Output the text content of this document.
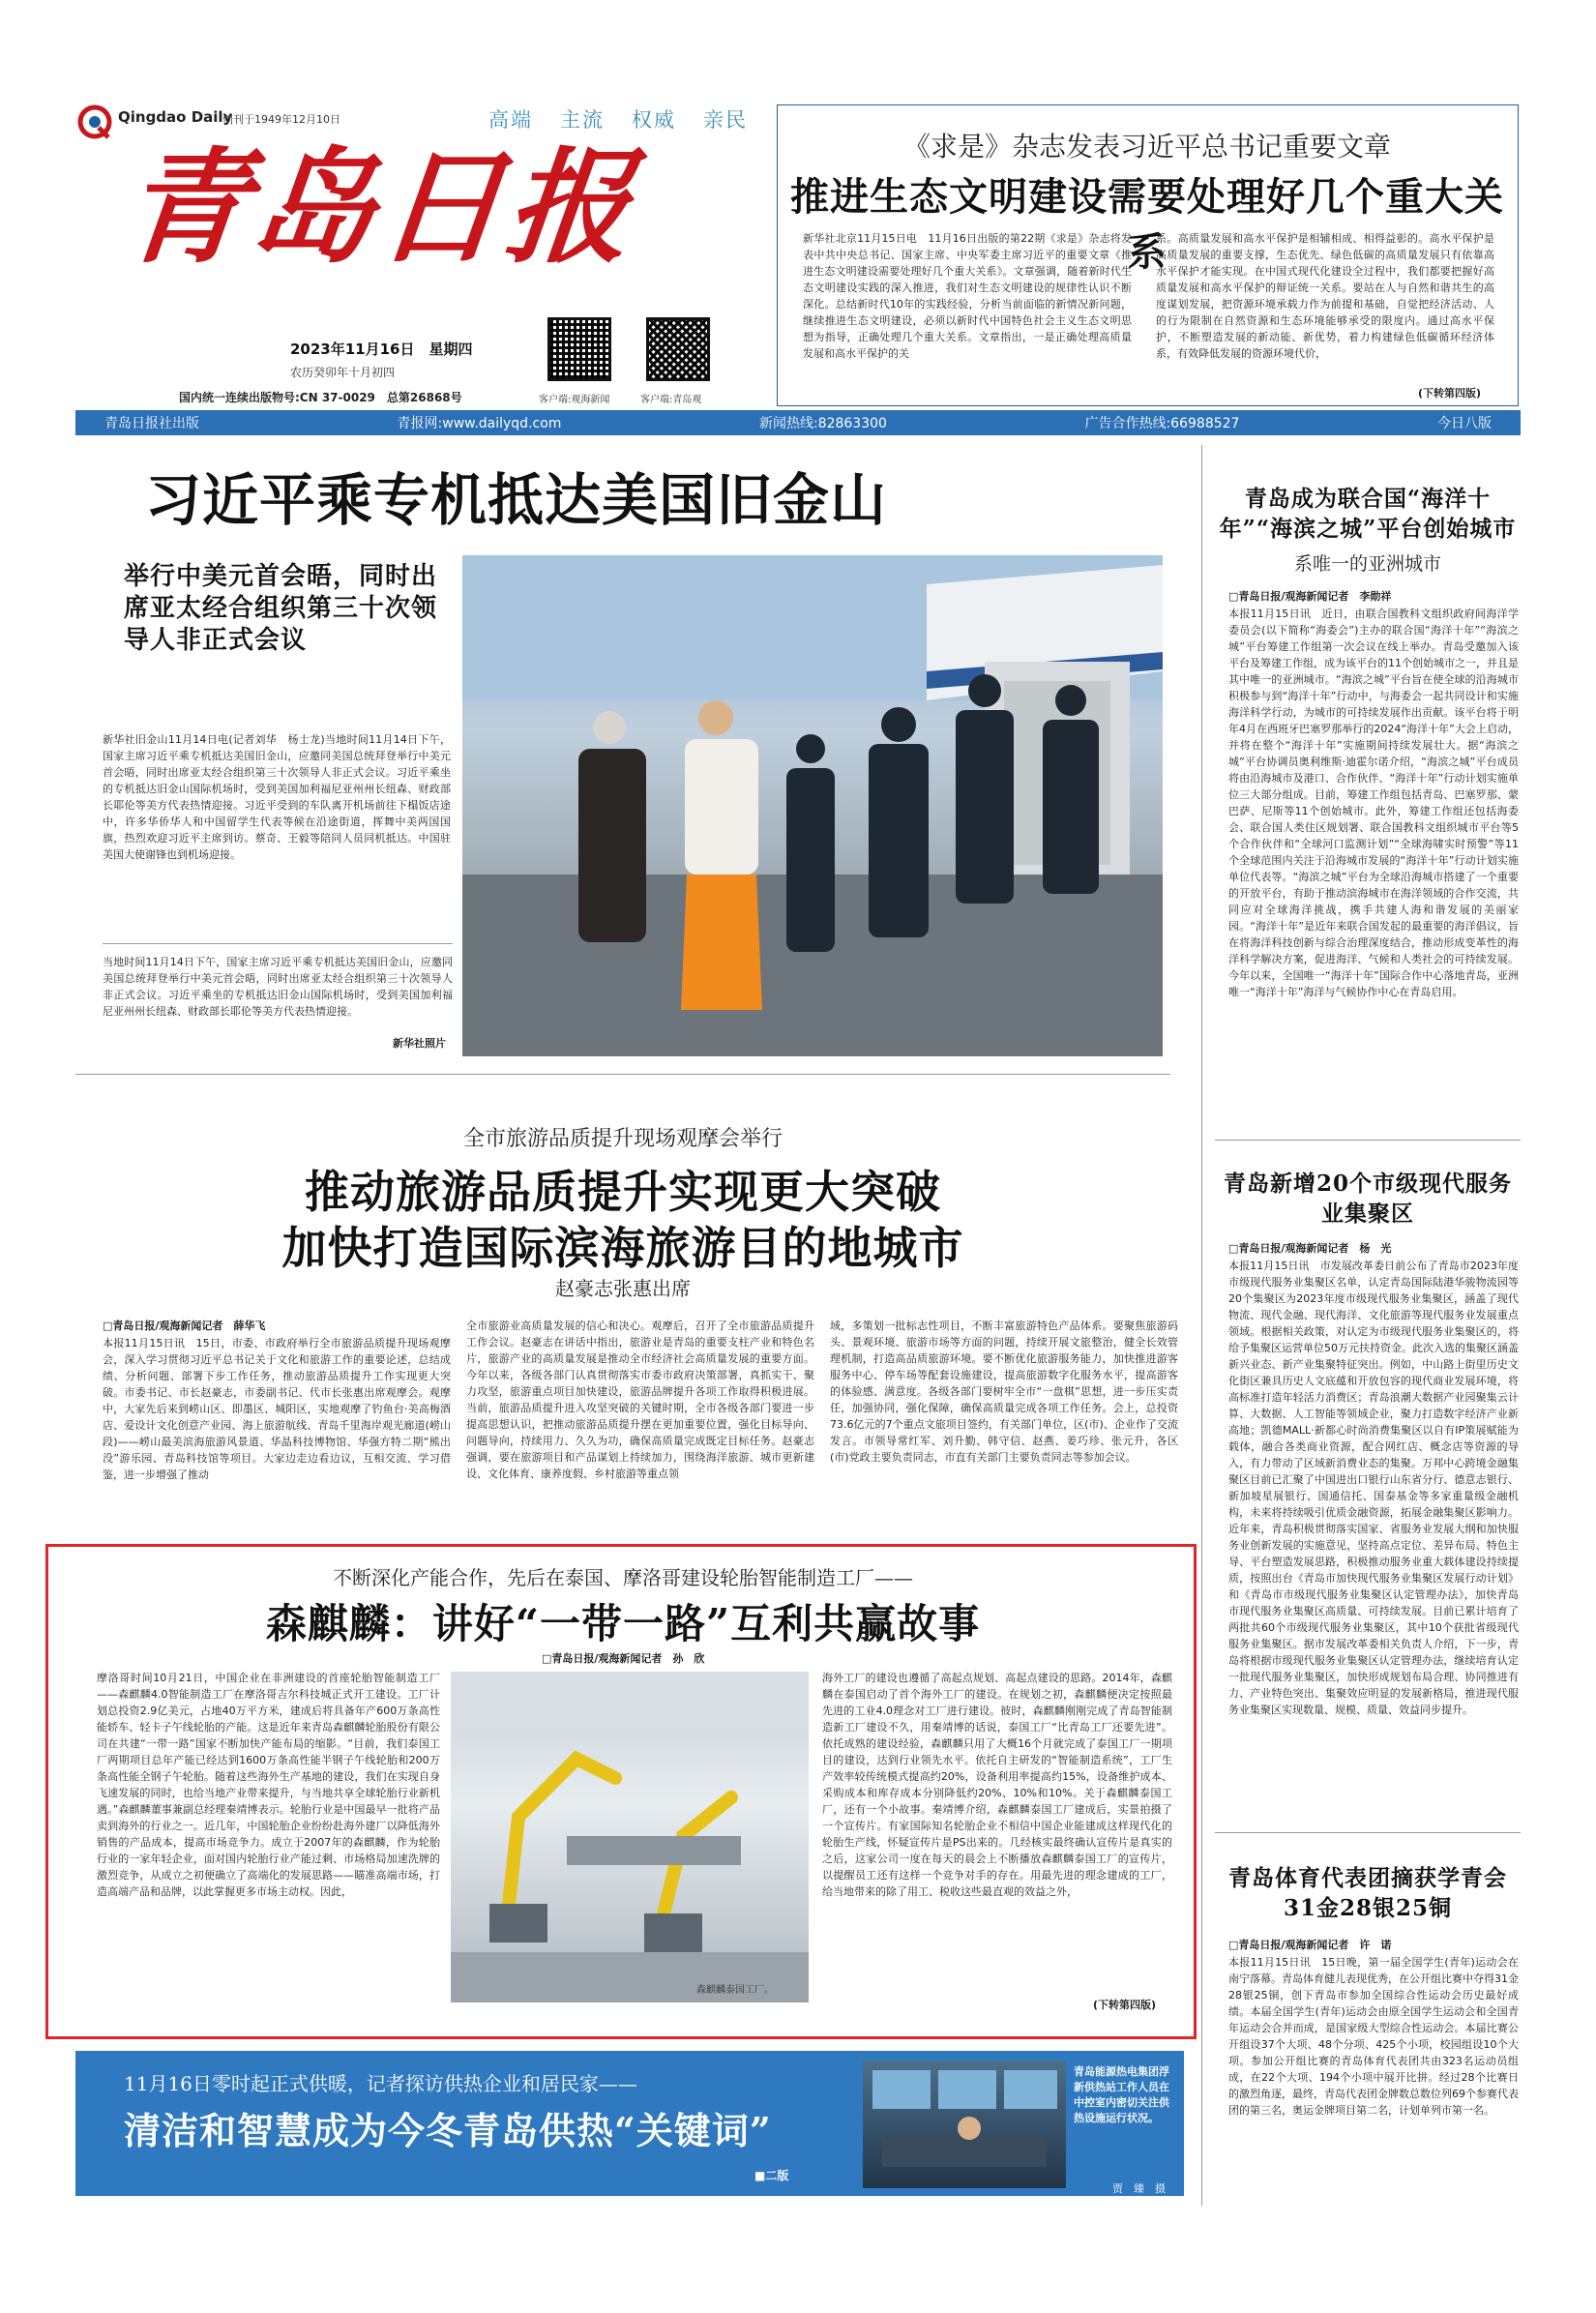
Qingdao Daily
创刊于1949年12月10日	高端 主流 权威 亲民
青岛日报
2023年11月16日　星期四
农历癸卯年十月初四
国内统一连续出版物号:CN 37-0029　总第26868号	客户端:观海新闻	客户端:青岛观
《求是》杂志发表习近平总书记重要文章
推进生态文明建设需要处理好几个重大关系
新华社北京11月15日电　11月16日出版的第22期《求是》杂志将发表中共中央总书记、国家主席、中央军委主席习近平的重要文章《推进生态文明建设需要处理好几个重大关系》。文章强调，随着新时代生态文明建设实践的深入推进，我们对生态文明建设的规律性认识不断深化。总结新时代10年的实践经验，分析当前面临的新情况新问题，继续推进生态文明建设，必须以新时代中国特色社会主义生态文明思想为指导，正确处理几个重大关系。文章指出，一是正确处理高质量发展和高水平保护的关
系。高质量发展和高水平保护是相辅相成、相得益彰的。高水平保护是高质量发展的重要支撑，生态优先、绿色低碳的高质量发展只有依靠高水平保护才能实现。在中国式现代化建设全过程中，我们都要把握好高质量发展和高水平保护的辩证统一关系。要站在人与自然和谐共生的高度谋划发展，把资源环境承载力作为前提和基础，自觉把经济活动、人的行为限制在自然资源和生态环境能够承受的限度内。通过高水平保护，不断塑造发展的新动能、新优势，着力构建绿色低碳循环经济体系，有效降低发展的资源环境代价，
(下转第四版)
青岛日报社出版	青报网:www.dailyqd.com	新闻热线:82863300	广告合作热线:66988527	今日八版
习近平乘专机抵达美国旧金山
举行中美元首会晤，同时出席亚太经合组织第三十次领导人非正式会议
新华社旧金山11月14日电(记者刘华　杨士龙)当地时间11月14日下午，国家主席习近平乘专机抵达美国旧金山，应邀同美国总统拜登举行中美元首会晤，同时出席亚太经合组织第三十次领导人非正式会议。习近平乘坐的专机抵达旧金山国际机场时，受到美国加利福尼亚州州长纽森、财政部长耶伦等美方代表热情迎接。习近平受到的车队离开机场前往下榻饭店途中，许多华侨华人和中国留学生代表等候在沿途街道，挥舞中美两国国旗，热烈欢迎习近平主席到访。蔡奇、王毅等陪同人员同机抵达。中国驻美国大使谢锋也到机场迎接。
当地时间11月14日下午，国家主席习近平乘专机抵达美国旧金山，应邀同美国总统拜登举行中美元首会晤，同时出席亚太经合组织第三十次领导人非正式会议。习近平乘坐的专机抵达旧金山国际机场时，受到美国加利福尼亚州州长纽森、财政部长耶伦等美方代表热情迎接。
新华社照片
全市旅游品质提升现场观摩会举行
推动旅游品质提升实现更大突破
加快打造国际滨海旅游目的地城市
赵豪志张惠出席
□青岛日报/观海新闻记者　薛华飞
本报11月15日讯　15日，市委、市政府举行全市旅游品质提升现场观摩会，深入学习贯彻习近平总书记关于文化和旅游工作的重要论述，总结成绩、分析问题、部署下步工作任务，推动旅游品质提升工作实现更大突破。市委书记、市长赵豪志，市委副书记、代市长张惠出席观摩会。观摩中，大家先后来到崂山区、即墨区、城阳区，实地观摩了钓鱼台·美高梅酒店、爱设计文化创意产业园、海上旅游航线、青岛千里海岸观光廊道(崂山段)——崂山最美滨海旅游风景道、华晶科技博物馆、华强方特二期“熊出没”游乐园、青岛科技馆等项目。大家边走边看边议，互相交流、学习借鉴，进一步增强了推动
全市旅游业高质量发展的信心和决心。观摩后，召开了全市旅游品质提升工作会议。赵豪志在讲话中指出，旅游业是青岛的重要支柱产业和特色名片，旅游产业的高质量发展是推动全市经济社会高质量发展的重要方面。今年以来，各级各部门认真贯彻落实市委市政府决策部署，真抓实干、聚力攻坚，旅游重点项目加快建设，旅游品牌提升各项工作取得积极进展。当前，旅游品质提升进入攻坚突破的关键时期，全市各级各部门要进一步提高思想认识，把推动旅游品质提升摆在更加重要位置，强化目标导向、问题导向，持续用力、久久为功，确保高质量完成既定目标任务。赵豪志强调，要在旅游项目和产品谋划上持续加力，围绕海洋旅游、城市更新建设、文化体育、康养度假、乡村旅游等重点领
域，多策划一批标志性项目，不断丰富旅游特色产品体系。要聚焦旅游码头、景观环境、旅游市场等方面的问题，持续开展文旅整治，健全长效管理机制，打造高品质旅游环境。要不断优化旅游服务能力，加快推进游客服务中心、停车场等配套设施建设，提高旅游数字化服务水平，提高游客的体验感、满意度。各级各部门要树牢全市“一盘棋”思想，进一步压实责任，加强协同，强化保障，确保高质量完成各项工作任务。会上，总投资73.6亿元的7个重点文旅项目签约，有关部门单位，区(市)、企业作了交流发言。市领导常红军、刘升勤、韩守信、赵燕、姜巧珍、张元升，各区(市)党政主要负责同志，市直有关部门主要负责同志等参加会议。
不断深化产能合作，先后在泰国、摩洛哥建设轮胎智能制造工厂——
森麒麟：讲好“一带一路”互利共赢故事
□青岛日报/观海新闻记者　孙　欣
摩洛哥时间10月21日，中国企业在非洲建设的首座轮胎智能制造工厂——森麒麟4.0智能制造工厂在摩洛哥吉尔科技城正式开工建设。工厂计划总投资2.9亿美元，占地40万平方米，建成后将具备年产600万条高性能轿车、轻卡子午线轮胎的产能。这是近年来青岛森麒麟轮胎股份有限公司在共建“一带一路”国家不断加快产能布局的缩影。“目前，我们泰国工厂两期项目总年产能已经达到1600万条高性能半钢子午线轮胎和200万条高性能全钢子午轮胎。随着这些海外生产基地的建设，我们在实现自身飞速发展的同时，也给当地产业带来提升，与当地共享全球轮胎行业新机遇。”森麒麟董事兼副总经理秦靖博表示。轮胎行业是中国最早一批将产品卖到海外的行业之一。近几年，中国轮胎企业纷纷赴海外建厂以降低海外销售的产品成本，提高市场竞争力。成立于2007年的森麒麟，作为轮胎行业的一家年轻企业，面对国内轮胎行业产能过剩、市场格局加速洗牌的激烈竞争，从成立之初便确立了高端化的发展思路——瞄准高端市场，打造高端产品和品牌，以此掌握更多市场主动权。因此，
森麒麟泰国工厂。
海外工厂的建设也遵循了高起点规划、高起点建设的思路。2014年，森麒麟在泰国启动了首个海外工厂的建设。在规划之初，森麒麟便决定按照最先进的工业4.0理念对工厂进行建设。彼时，森麒麟刚刚完成了青岛智能制造新工厂建设不久，用秦靖博的话说，泰国工厂“比青岛工厂还要先进”。依托成熟的建设经验，森麒麟只用了大概16个月就完成了泰国工厂一期项目的建设，达到行业领先水平。依托自主研发的“智能制造系统”，工厂生产效率较传统模式提高约20%，设备利用率提高约15%，设备维护成本、采购成本和库存成本分别降低约20%、10%和10%。关于森麒麟泰国工厂，还有一个小故事。秦靖博介绍，森麒麟泰国工厂建成后，实景拍摄了一个宣传片。有家国际知名轮胎企业不相信中国企业能建成这样现代化的轮胎生产线，怀疑宣传片是PS出来的。几经核实最终确认宣传片是真实的之后，这家公司一度在每天的晨会上不断播放森麒麟泰国工厂的宣传片，以提醒员工还有这样一个竞争对手的存在。用最先进的理念建成的工厂，给当地带来的除了用工、税收这些最直观的效益之外，
(下转第四版)
11月16日零时起正式供暖，记者探访供热企业和居民家——
清洁和智慧成为今冬青岛供热“关键词”
■二版
青岛能源热电集团浮新供热站工作人员在中控室内密切关注供热设施运行状况。
贾　臻　摄
青岛成为联合国“海洋十年”“海滨之城”平台创始城市
系唯一的亚洲城市
□青岛日报/观海新闻记者　李勋祥
本报11月15日讯　近日，由联合国教科文组织政府间海洋学委员会(以下简称“海委会”)主办的联合国“海洋十年”“海滨之城”平台筹建工作组第一次会议在线上举办。青岛受邀加入该平台及筹建工作组，成为该平台的11个创始城市之一，并且是其中唯一的亚洲城市。“海滨之城”平台旨在使全球的沿海城市积极参与到“海洋十年”行动中，与海委会一起共同设计和实施海洋科学行动，为城市的可持续发展作出贡献。该平台将于明年4月在西班牙巴塞罗那举行的2024“海洋十年”大会上启动，并将在整个“海洋十年”实施期间持续发展壮大。据“海滨之城”平台协调员奥利维斯·迪霍尔诺介绍，“海滨之城”平台成员将由沿海城市及港口、合作伙伴、“海洋十年”行动计划实施单位三大部分组成。目前，筹建工作组包括青岛、巴塞罗那、蒙巴萨、尼斯等11个创始城市。此外，筹建工作组还包括海委会、联合国人类住区规划署、联合国教科文组织城市平台等5个合作伙伴和“全球河口监测计划”“全球海啸实时预警”等11个全球范围内关注于沿海城市发展的“海洋十年”行动计划实施单位代表等。“海滨之城”平台为全球沿海城市搭建了一个重要的开放平台，有助于推动滨海城市在海洋领域的合作交流，共同应对全球海洋挑战，携手共建人海和谐发展的美丽家园。“海洋十年”是近年来联合国发起的最重要的海洋倡议，旨在将海洋科技创新与综合治理深度结合，推动形成变革性的海洋科学解决方案，促进海洋、气候和人类社会的可持续发展。今年以来，全国唯一“海洋十年”国际合作中心落地青岛，亚洲唯一“海洋十年”海洋与气候协作中心在青岛启用。
青岛新增20个市级现代服务业集聚区
□青岛日报/观海新闻记者　杨　光
本报11月15日讯　市发展改革委日前公布了青岛市2023年度市级现代服务业集聚区名单，认定青岛国际陆港华骏物流园等20个集聚区为2023年度市级现代服务业集聚区，涵盖了现代物流、现代金融、现代海洋、文化旅游等现代服务业发展重点领域。根据相关政策，对认定为市级现代服务业集聚区的，将给予集聚区运营单位50万元扶持资金。此次入选的集聚区涵盖新兴业态、新产业集聚特征突出。例如，中山路上街里历史文化街区兼具历史人文底蕴和开放包容的现代商业发展环境，将高标准打造年轻活力消费区；青岛浪潮大数据产业园聚集云计算、大数据、人工智能等领域企业，聚力打造数字经济产业新高地；凯德MALL·新都心时尚消费集聚区以自有IP策展赋能为载体，融合各类商业资源，配合网红店、概念店等资源的导入，有力带动了区域新消费业态的集聚。万邦中心跨境金融集聚区目前已汇聚了中国进出口银行山东省分行、德意志银行、新加坡星展银行、国通信托、国泰基金等多家重量级金融机构，未来将持续吸引优质金融资源，拓展金融集聚区影响力。近年来，青岛积极贯彻落实国家、省服务业发展大纲和加快服务业创新发展的实施意见，坚持高点定位、差异布局、特色主导、平台塑造发展思路，积极推动服务业重大载体建设持续提质，按照出台《青岛市加快现代服务业集聚区发展行动计划》和《青岛市市级现代服务业集聚区认定管理办法》，加快青岛市现代服务业集聚区高质量、可持续发展。目前已累计培育了两批共60个市级现代服务业集聚区，其中10个获批省级现代服务业集聚区。据市发展改革委相关负责人介绍，下一步，青岛将根据市级现代服务业集聚区认定管理办法，继续培育认定一批现代服务业集聚区，加快形成规划布局合理、协同推进有力、产业特色突出、集聚效应明显的发展新格局，推进现代服务业集聚区实现数量、规模、质量、效益同步提升。
青岛体育代表团摘获学青会31金28银25铜
□青岛日报/观海新闻记者　许　诺
本报11月15日讯　15日晚，第一届全国学生(青年)运动会在南宁落幕。青岛体育健儿表现优秀，在公开组比赛中夺得31金28银25铜，创下青岛市参加全国综合性运动会历史最好成绩。本届全国学生(青年)运动会由原全国学生运动会和全国青年运动会合并而成，是国家级大型综合性运动会。本届比赛公开组设37个大项、48个分项、425个小项，校园组设10个大项。参加公开组比赛的青岛体育代表团共由323名运动员组成，在22个大项、194个小项中展开比拼。经过28个比赛日的激烈角逐，最终，青岛代表团金牌数总数位列69个参赛代表团的第三名，奥运金牌项目第二名，计划单列市第一名。
